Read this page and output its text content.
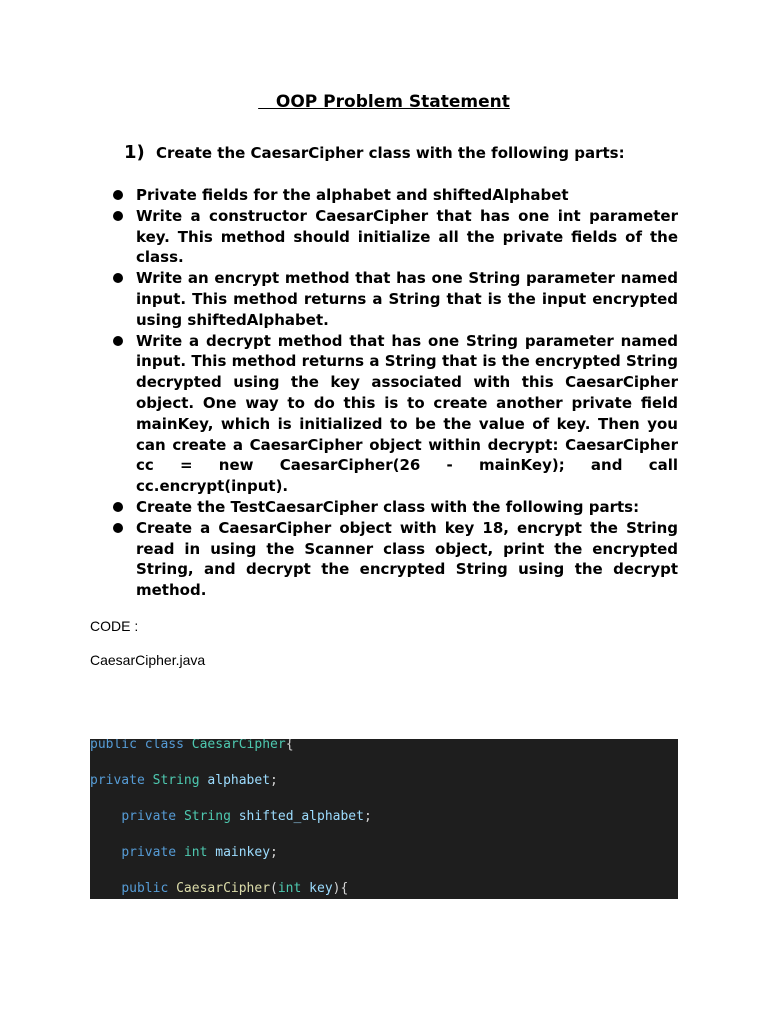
OOP Problem Statement
1) Create the CaesarCipher class with the following parts:
Private fields for the alphabet and shiftedAlphabet
Write a constructor CaesarCipher that has one int parameter key. This method should initialize all the private fields of the class.
Write an encrypt method that has one String parameter named input. This method returns a String that is the input encrypted using shiftedAlphabet.
Write a decrypt method that has one String parameter named input. This method returns a String that is the encrypted String decrypted using the key associated with this CaesarCipher object. One way to do this is to create another private field mainKey, which is initialized to be the value of key. Then you can create a CaesarCipher object within decrypt: CaesarCipher cc = new CaesarCipher(26 - mainKey); and call cc.encrypt(input).
Create the TestCaesarCipher class with the following parts:
Create a CaesarCipher object with key 18, encrypt the String read in using the Scanner class object, print the encrypted String, and decrypt the encrypted String using the decrypt method.
CODE :
CaesarCipher.java
public class CaesarCipher{
private String alphabet;
private String shifted_alphabet;
private int mainkey;
public CaesarCipher(int key){
